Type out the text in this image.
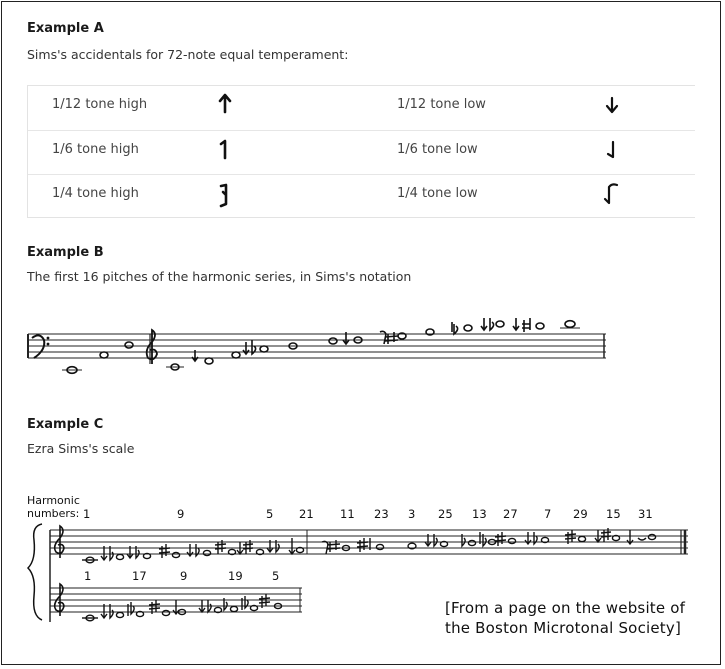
Example A
Sims's accidentals for 72-note equal temperament:
1/12 tone high	1/12 tone low
1/6 tone high	1/6 tone low
1/4 tone high	1/4 tone low
Example B
The first 16 pitches of the harmonic series, in Sims's notation
Example C
Ezra Sims's scale
Harmonic
numbers: 1	9	5 21 11 23 3 25 13 27 7 29 15 31
1	17	9	19	5
[From a page on the website of
the Boston Microtonal Society]
